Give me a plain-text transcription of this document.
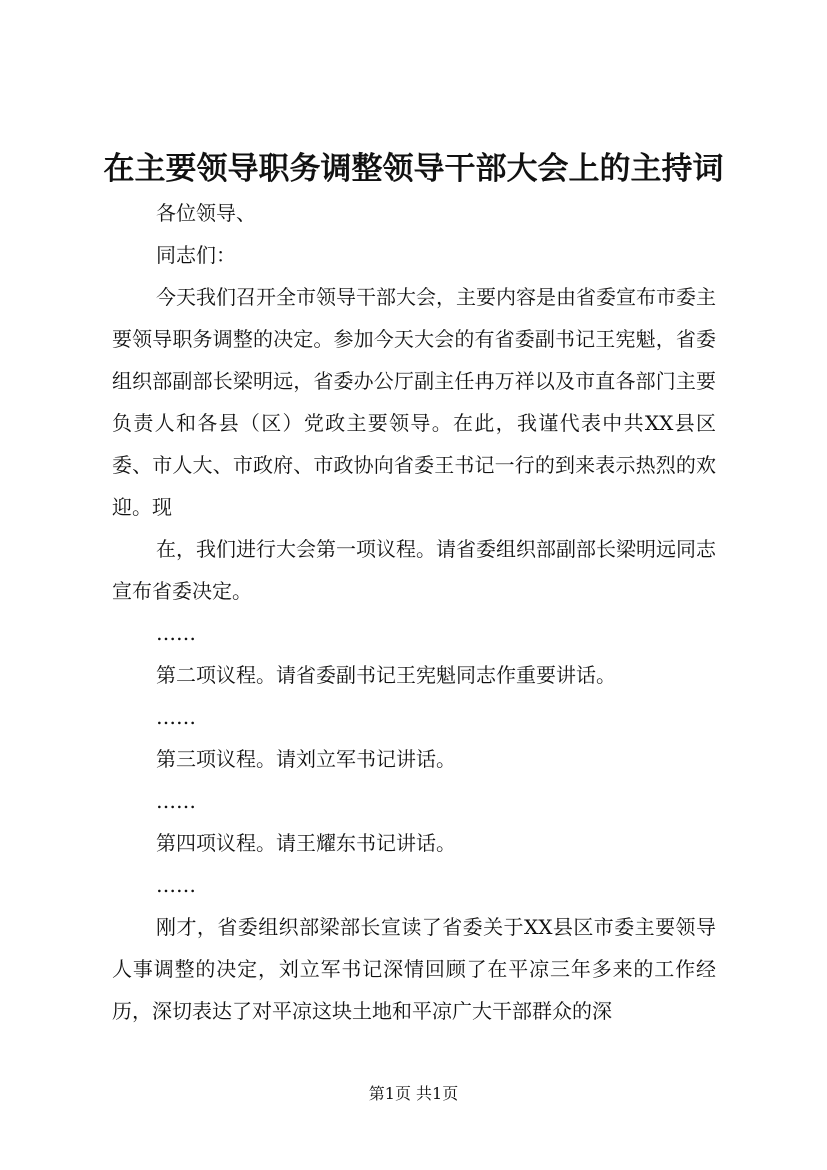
在主要领导职务调整领导干部大会上的主持词

各位领导、

同志们：

今天我们召开全市领导干部大会，主要内容是由省委宣布市委主要领导职务调整的决定。参加今天大会的有省委副书记王宪魁，省委组织部副部长梁明远，省委办公厅副主任冉万祥以及市直各部门主要负责人和各县（区）党政主要领导。在此，我谨代表中共XX县区委、市人大、市政府、市政协向省委王书记一行的到来表示热烈的欢迎。现

在，我们进行大会第一项议程。请省委组织部副部长梁明远同志宣布省委决定。

……

第二项议程。请省委副书记王宪魁同志作重要讲话。

……

第三项议程。请刘立军书记讲话。

……

第四项议程。请王耀东书记讲话。

……

刚才，省委组织部梁部长宣读了省委关于XX县区市委主要领导人事调整的决定，刘立军书记深情回顾了在平凉三年多来的工作经历，深切表达了对平凉这块土地和平凉广大干部群众的深

第1页 共1页
